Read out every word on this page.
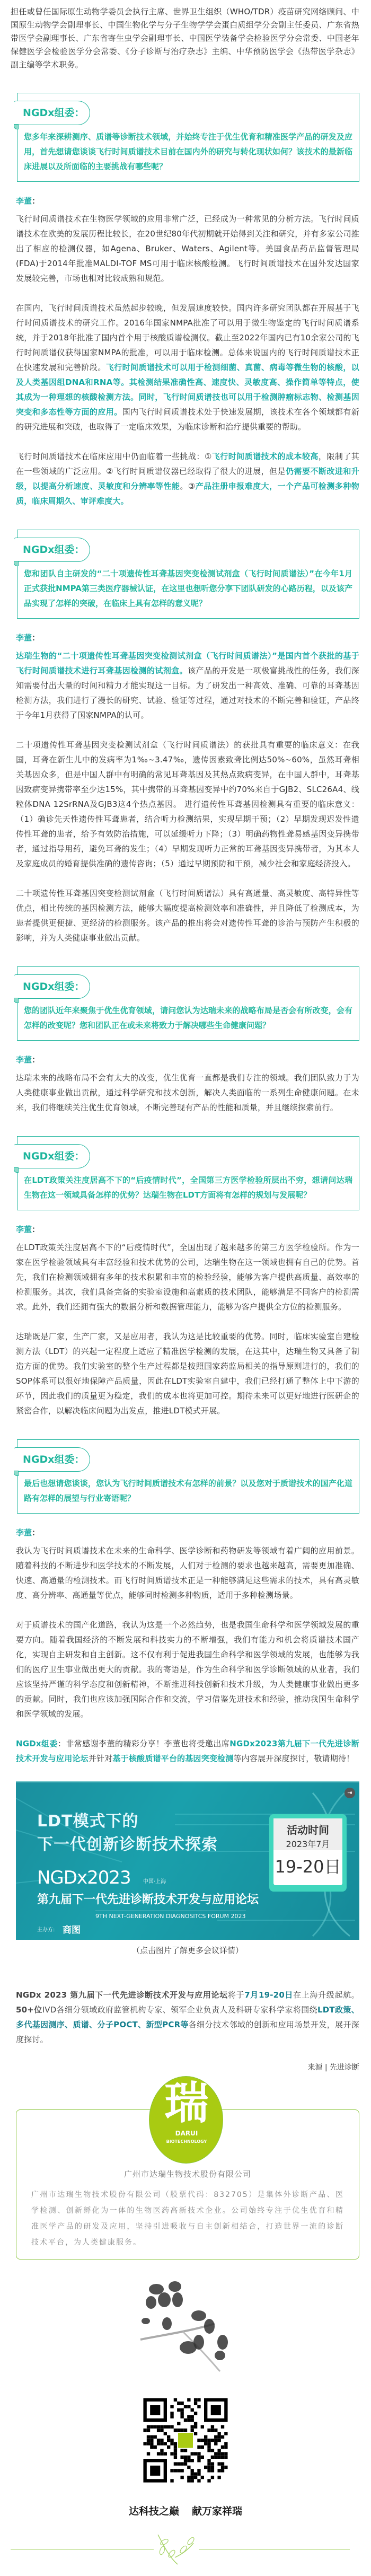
担任或曾任国际原生动物学委员会执行主席、世界卫生组织（WHO/TDR）疫苗研究网络顾问、中国原生动物学会副理事长、中国生物化学与分子生物学学会蛋白质组学分会副主任委员、广东省热带医学会副理事长、广东省寄生虫学会副理事长、中国医学装备学会检验医学分会常委、中国老年保健医学会检验医学分会常委、《分子诊断与治疗杂志》主编、中华预防医学会《热带医学杂志》副主编等学术职务。
NGDx组委：
您多年来深耕测序、质谱等诊断技术领域，并始终专注于优生优育和精准医学产品的研发及应用，首先想请您谈谈飞行时间质谱技术目前在国内外的研究与转化现状如何？该技术的最新临床进展以及所面临的主要挑战有哪些呢？
李董：
飞行时间质谱技术在生物医学领域的应用非常广泛，已经成为一种常见的分析方法。飞行时间质谱技术在欧美的发展历程比较长，在20世纪80年代初期就开始得到关注和研究，并有多家公司推出了相应的检测仪器，如Agena、Bruker、Waters、Agilent等。美国食品药品监督管理局(FDA)于2014年批准MALDI-TOF MS可用于临床核酸检测。飞行时间质谱技术在国外发达国家发展较完善，市场也相对比较成熟和规范。
在国内，飞行时间质谱技术虽然起步较晚，但发展速度较快。国内许多研究团队都在开展基于飞行时间质谱技术的研究工作。2016年国家NMPA批准了可以用于微生物鉴定的飞行时间质谱系统，并于2018年批准了国内首个用于核酸质谱检测仪。截止至2022年国内已有10余家公司的飞行时间质谱仪获得国家NMPA的批准，可以用于临床检测。总体来说国内的飞行时间质谱技术正在快速发展和完善阶段。飞行时间质谱技术可以用于检测细菌、真菌、病毒等微生物的核酸，以及人类基因组DNA和RNA等。其检测结果准确性高、速度快、灵敏度高、操作简单等特点，使其成为一种理想的核酸检测方法。同时，飞行时间质谱技也可以用于检测肿瘤标志物、检测基因突变和多态性等方面的应用。国内飞行时间质谱技术处于快速发展期，该技术在各个领域都有新的研究进展和突破，也取得了一定临床效果，为临床诊断和治疗提供重要的帮助。
飞行时间质谱技术在临床应用中仍面临着一些挑战：①飞行时间质谱技术的成本较高，限制了其在一些领域的广泛应用。②飞行时间质谱仪器已经取得了很大的进展，但是仍需要不断改进和升级，以提高分析速度、灵敏度和分辨率等性能。③产品注册申报难度大，一个产品可检测多种物质，临床周期久、审评难度大。
NGDx组委：
您和团队自主研发的“二十项遗传性耳聋基因突变检测试剂盒（飞行时间质谱法）”在今年1月正式获批NMPA第三类医疗器械认证，在这里也想听您分享下团队研发的心路历程，以及该产品实现了怎样的突破，在临床上具有怎样的意义呢？
李董：
达瑞生物的“二十项遗传性耳聋基因突变检测试剂盒（飞行时间质谱法）”是国内首个获批的基于飞行时间质谱技术进行耳聋基因检测的试剂盒。该产品的开发是一项极富挑战性的任务，我们深知需要付出大量的时间和精力才能实现这一目标。为了研发出一种高效、准确、可靠的耳聋基因检测方法，我们进行了漫长的研究、试验、验证等过程，通过对技术的不断完善和验证，产品终于今年1月获得了国家NMPA的认可。
二十项遗传性耳聋基因突变检测试剂盒（飞行时间质谱法）的获批具有重要的临床意义：在我国，耳聋在新生儿中的发病率为1‰~3.47‰，遗传因素致聋比例达50%~60%，虽然耳聋相关基因众多，但是中国人群中有明确的常见耳聋基因及其热点致病变异，在中国人群中，耳聋基因致病变异携带率至少达15%，其中携带的耳聋基因变异中约70%来自于GJB2、SLC26A4、线粒体DNA 12SrRNA及GJB3这4个热点基因。 进行遗传性耳聋基因检测具有重要的临床意义：（1）确诊先天性遗传性耳聋患者，结合听力检测结果，实现早期干预；（2）早期发现迟发性遗传性耳聋的患者，给予有效防治措施，可以延缓听力下降；（3）明确药物性聋易感基因变异携带者，通过指导用药，避免耳聋的发生；（4）早期发现听力正常的耳聋基因变异携带者，为其本人及家庭成员的婚育提供准确的遗传咨询；（5）通过早期预防和干预，减少社会和家庭经济投入。
二十项遗传性耳聋基因突变检测试剂盒（飞行时间质谱法）具有高通量、高灵敏度、高特异性等优点，相比传统的基因检测方法，能够大幅度提高检测效率和准确性，并且降低了检测成本，为患者提供更便捷、更经济的检测服务。该产品的推出将会对遗传性耳聋的诊治与预防产生积极的影响，并为人类健康事业做出贡献。
NGDx组委：
您的团队近年来聚焦于优生优育领域，请问您认为达瑞未来的战略布局是否会有所改变，会有怎样的改变呢？您和团队正在或未来将致力于解决哪些生命健康问题？
李董：
达瑞未来的战略布局不会有太大的改变，优生优育一直都是我们专注的领域。我们团队致力于为人类健康事业做出贡献，通过科学研究和技术创新，解决人类面临的一系列生命健康问题。在未来，我们将继续关注优生优育领域，不断完善现有产品的性能和质量，并且继续探索前行。
NGDx组委：
在LDT政策关注度居高不下的“后疫情时代”，全国第三方医学检验所层出不穷，想请问达瑞生物在这一领域具备怎样的优势？达瑞生物在LDT方面将有怎样的规划与发展呢？
李董：
在LDT政策关注度居高不下的“后疫情时代”，全国出现了越来越多的第三方医学检验所。作为一家在医学检验领域具有丰富经验和技术优势的公司，达瑞生物在这一领域也拥有自己的优势。首先，我们在检测领域拥有多年的技术积累和丰富的检验经验，能够为客户提供高质量、高效率的检测服务。其次，我们具备完备的实验室设施和高素质的技术团队，能够满足不同客户的检测需求。此外，我们还拥有强大的数据分析和数据管理能力，能够为客户提供全方位的检测服务。
达瑞既是厂家，生产厂家，又是应用者，我认为这是比较重要的优势。同时，临床实验室自建检测方法（LDT）的兴起一定程度上适应了精准医学检测的发展，在这其中，达瑞生物又具备了制造方面的优势。我们实验室的整个生产过程都是按照国家药监局相关的指导原则进行的，我们的SOP体系可以很好地保障产品质量，因此在LDT实验室自建中，我们已经打通了整体上中下游的环节，因此我们的质量更为稳定，我们的成本也将更加可控。期待未来可以更好地进行医研企的紧密合作，以解决临床问题为出发点，推进LDT模式开展。
NGDx组委：
最后也想请您谈谈，您认为飞行时间质谱技术有怎样的前景？以及您对于质谱技术的国产化道路有怎样的展望与行业寄语呢？
李董：
我认为飞行时间质谱技术在未来的生命科学、医学诊断和药物研发等领域有着广阔的应用前景。随着科技的不断进步和医学技术的不断发展，人们对于检测的要求也越来越高，需要更加准确、快速、高通量的检测技术。而飞行时间质谱技术正是一种能够满足这些需求的技术，具有高灵敏度、高分辨率、高通量等优点，能够同时检测多种物质，适用于多种检测场景。
对于质谱技术的国产化道路，我认为这是一个必然趋势，也是我国生命科学和医学领域发展的重要方向。随着我国经济的不断发展和科技实力的不断增强，我们有能力和机会将质谱技术国产化，实现自主研发和自主创新。这不仅有利于促进我国生命科学和医学领域的发展，也能够为我们的医疗卫生事业做出更大的贡献。我的寄语是，作为生命科学和医学诊断领域的从业者，我们应该坚持严谨的科学态度和创新精神，不断推进科技创新和技术升级，为人类健康事业做出更多的贡献。同时，我们也应该加强国际合作和交流，学习借鉴先进技术和经验，推动我国生命科学和医学领域的发展。
NGDx组委：非常感谢李董的精彩分享！李董也将受邀出席NGDx2023第九届下一代先进诊断技术开发与应用论坛并针对基于核酸质谱平台的基因突变检测等内容展开深度探讨，敬请期待！
⇥
LDT模式下的
下一代创新诊断技术探索
NGDx2023 中国·上海
第九届下一代先进诊断技术开发与应用论坛
9TH NEXT-GENERATION DIAGNOSITCS FORUM 2023
主办方: 商图
活动时间
2023年7月
19-20日
（点击图片了解更多会议详情）
NGDx 2023 第九届下一代先进诊断技术开发与应用论坛将于7月19-20日在上海升级起航。50+位IVD各细分领域政府监管机构专家、领军企业负责人及科研专家科学家将围绕LDT政策、多代基因测序、质谱、分子POCT、新型PCR等各细分技术邻域的创新和应用场景开发，展开深度探讨。
来源 | 先进诊断
瑞
DARUI
BIOTECHNOLOGY
广州市达瑞生物技术股份有限公司
广州市达瑞生物技术股份有限公司（股票代码：832705）是集体外诊断产品、医学检测、创新孵化为一体的生物医药高新技术企业。公司始终专注于优生优育和精准医学产品的研发及应用，坚持引进吸收与自主创新相结合，打造世界一流的诊断技术平台，为人类健康服务。
达科技之巅 献万家祥瑞
